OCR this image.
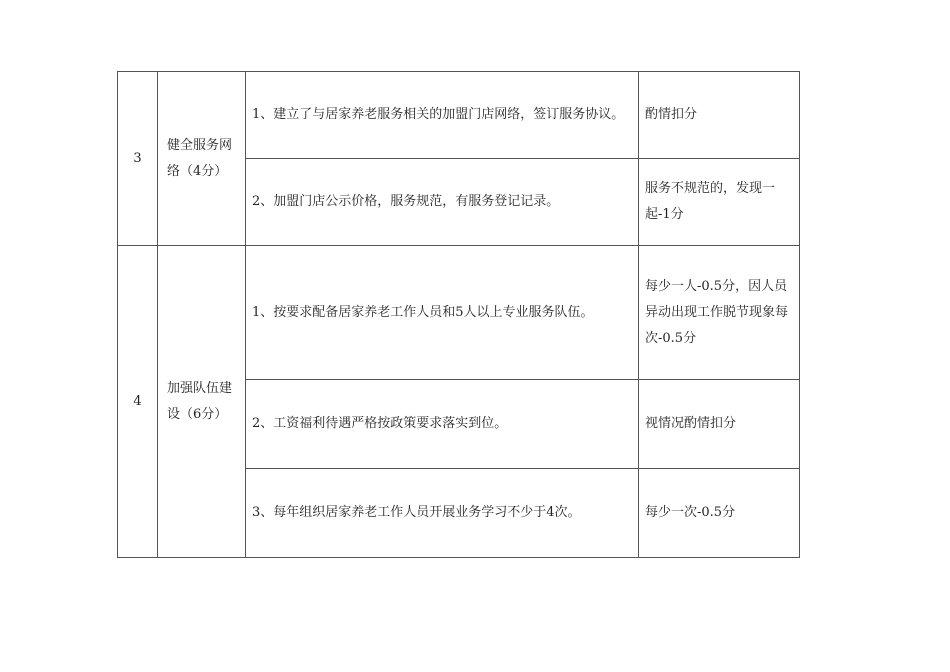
3	健全服务网络（4分）	1、建立了与居家养老服务相关的加盟门店网络，签订服务协议。	酌情扣分
		2、加盟门店公示价格，服务规范，有服务登记记录。	服务不规范的，发现一起-1分
4	加强队伍建设（6分）	1、按要求配备居家养老工作人员和5人以上专业服务队伍。	每少一人-0.5分，因人员异动出现工作脱节现象每次-0.5分
		2、工资福利待遇严格按政策要求落实到位。	视情况酌情扣分
		3、每年组织居家养老工作人员开展业务学习不少于4次。	每少一次-0.5分
